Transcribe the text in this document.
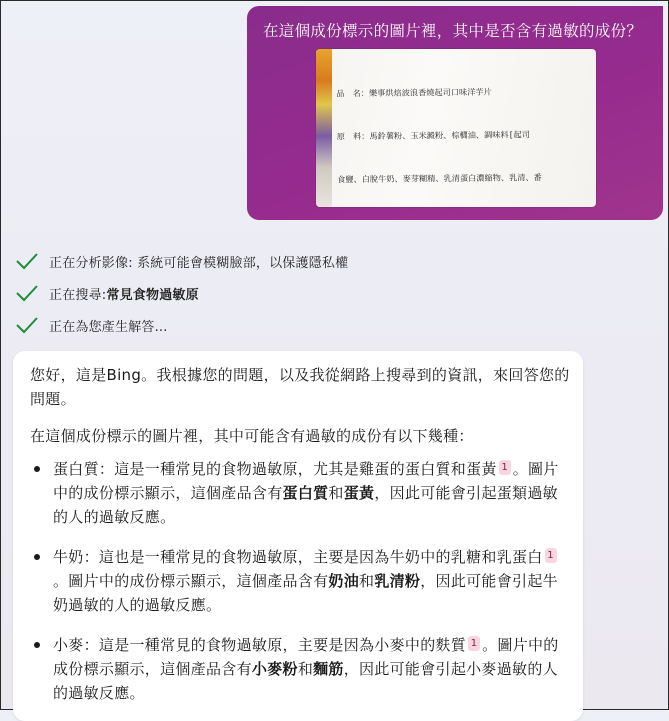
在這個成份標示的圖片裡，其中是否含有過敏的成份？

品　名：樂事烘焙波浪香燒起司口味洋芋片

原　料：馬鈴薯粉、玉米澱粉、棕櫚油、調味料[起司

食鹽、白脫牛奶、麥芽糊精、乳清蛋白濃縮物、乳清、番

正在分析影像: 系統可能會模糊臉部，以保護隱私權
正在搜尋: 常見食物過敏原
正在為您產生解答...
您好，這是Bing。我根據您的問題，以及我從網路上搜尋到的資訊，來回答您的問題。
在這個成份標示的圖片裡，其中可能含有過敏的成份有以下幾種：
蛋白質：這是一種常見的食物過敏原，尤其是雞蛋的蛋白質和蛋黃 1 。圖片中的成份標示顯示，這個產品含有蛋白質和蛋黃，因此可能會引起蛋類過敏的人的過敏反應。
牛奶：這也是一種常見的食物過敏原，主要是因為牛奶中的乳糖和乳蛋白 1。圖片中的成份標示顯示，這個產品含有奶油和乳清粉，因此可能會引起牛奶過敏的人的過敏反應。
小麥：這是一種常見的食物過敏原，主要是因為小麥中的麩質 1 。圖片中的成份標示顯示，這個產品含有小麥粉和麵筋，因此可能會引起小麥過敏的人的過敏反應。
